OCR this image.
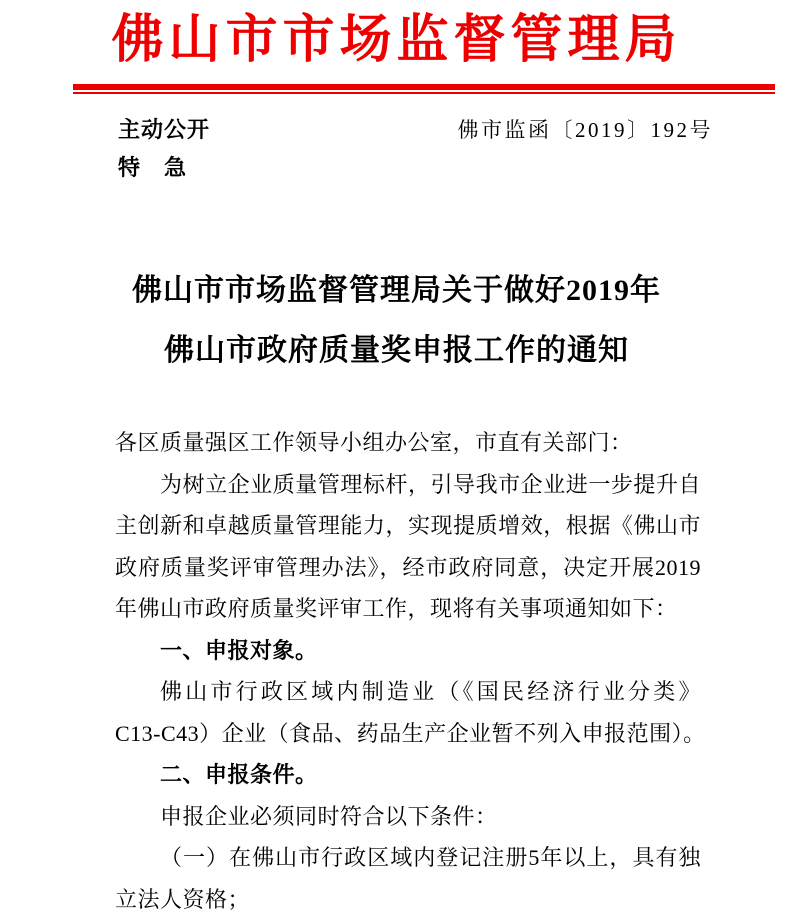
佛山市市场监督管理局
主动公开	佛市监函〔2019〕192号
特　急
佛山市市场监督管理局关于做好2019年
佛山市政府质量奖申报工作的通知
各区质量强区工作领导小组办公室，市直有关部门：
为树立企业质量管理标杆，引导我市企业进一步提升自
主创新和卓越质量管理能力，实现提质增效，根据《佛山市
政府质量奖评审管理办法》，经市政府同意，决定开展2019
年佛山市政府质量奖评审工作，现将有关事项通知如下：
一、申报对象。
佛山市行政区域内制造业（《国民经济行业分类》
C13-C43）企业（食品、药品生产企业暂不列入申报范围）。
二、申报条件。
申报企业必须同时符合以下条件：
（一）在佛山市行政区域内登记注册5年以上，具有独
立法人资格；
